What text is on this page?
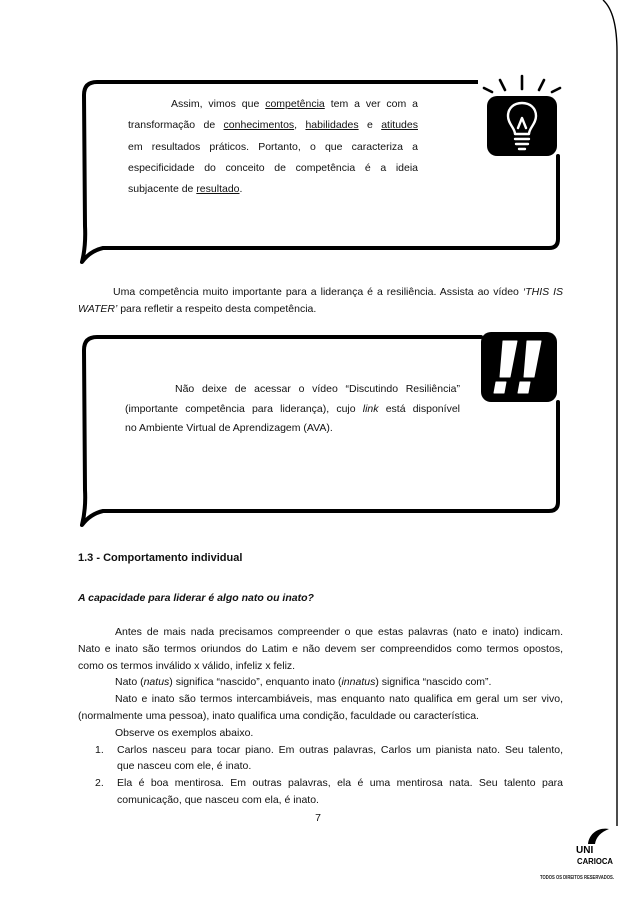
UNI
CARIOCA
TODOS OS DIREITOS RESERVADOS.
Assim, vimos que competência tem a ver com a
transformação de conhecimentos, habilidades e atitudes
em resultados práticos. Portanto, o que caracteriza a
especificidade do conceito de competência é a ideia
subjacente de resultado.
Uma competência muito importante para a liderança é a resiliência. Assista ao vídeo ‘THIS IS
WATER’ para refletir a respeito desta competência.
Não deixe de acessar o vídeo “Discutindo Resiliência”
(importante competência para liderança), cujo link está disponível
no Ambiente Virtual de Aprendizagem (AVA).
1.3 - Comportamento individual
A capacidade para liderar é algo nato ou inato?
Antes de mais nada precisamos compreender o que estas palavras (nato e inato) indicam.
Nato e inato são termos oriundos do Latim e não devem ser compreendidos como termos opostos,
como os termos inválido x válido, infeliz x feliz.
Nato (natus) significa “nascido”, enquanto inato (innatus) significa “nascido com”.
Nato e inato são termos intercambiáveis, mas enquanto nato qualifica em geral um ser vivo,
(normalmente uma pessoa), inato qualifica uma condição, faculdade ou característica.
Observe os exemplos abaixo.
1. Carlos nasceu para tocar piano. Em outras palavras, Carlos um pianista nato. Seu talento,
que nasceu com ele, é inato.
2. Ela é boa mentirosa. Em outras palavras, ela é uma mentirosa nata. Seu talento para
comunicação, que nasceu com ela, é inato.
7
